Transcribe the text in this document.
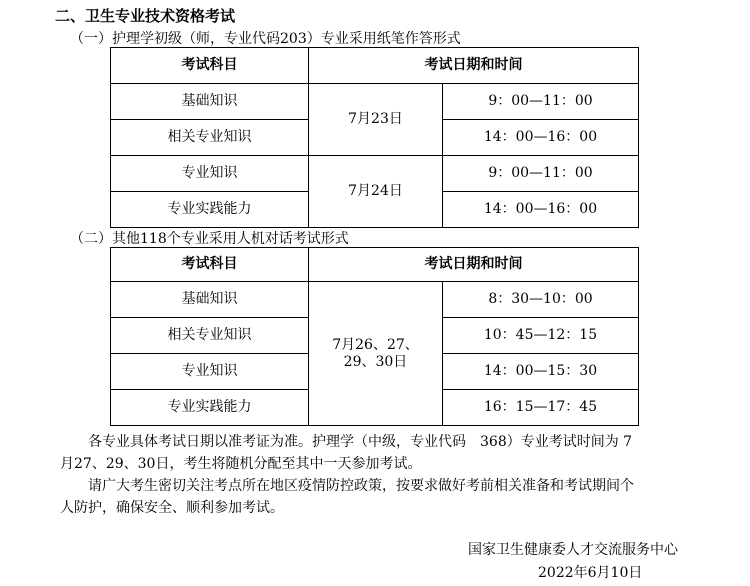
二、卫生专业技术资格考试
（一）护理学初级（师，专业代码203）专业采用纸笔作答形式
考试科目	考试日期和时间	
基础知识	7月23日	9：00—11：00
相关专业知识		14：00—16：00
专业知识	7月24日	9：00—11：00
专业实践能力		14：00—16：00
（二）其他118个专业采用人机对话考试形式
考试科目	考试日期和时间	
基础知识	7月26、27、
29、30日	8：30—10：00
相关专业知识		10：45—12：15
专业知识		14：00—15：30
专业实践能力		16：15—17：45
各专业具体考试日期以准考证为准。护理学（中级，专业代码　368）专业考试时间为 7
月27、29、30日，考生将随机分配至其中一天参加考试。
请广大考生密切关注考点所在地区疫情防控政策，按要求做好考前相关准备和考试期间个
人防护，确保安全、顺利参加考试。
国家卫生健康委人才交流服务中心
2022年6月10日
